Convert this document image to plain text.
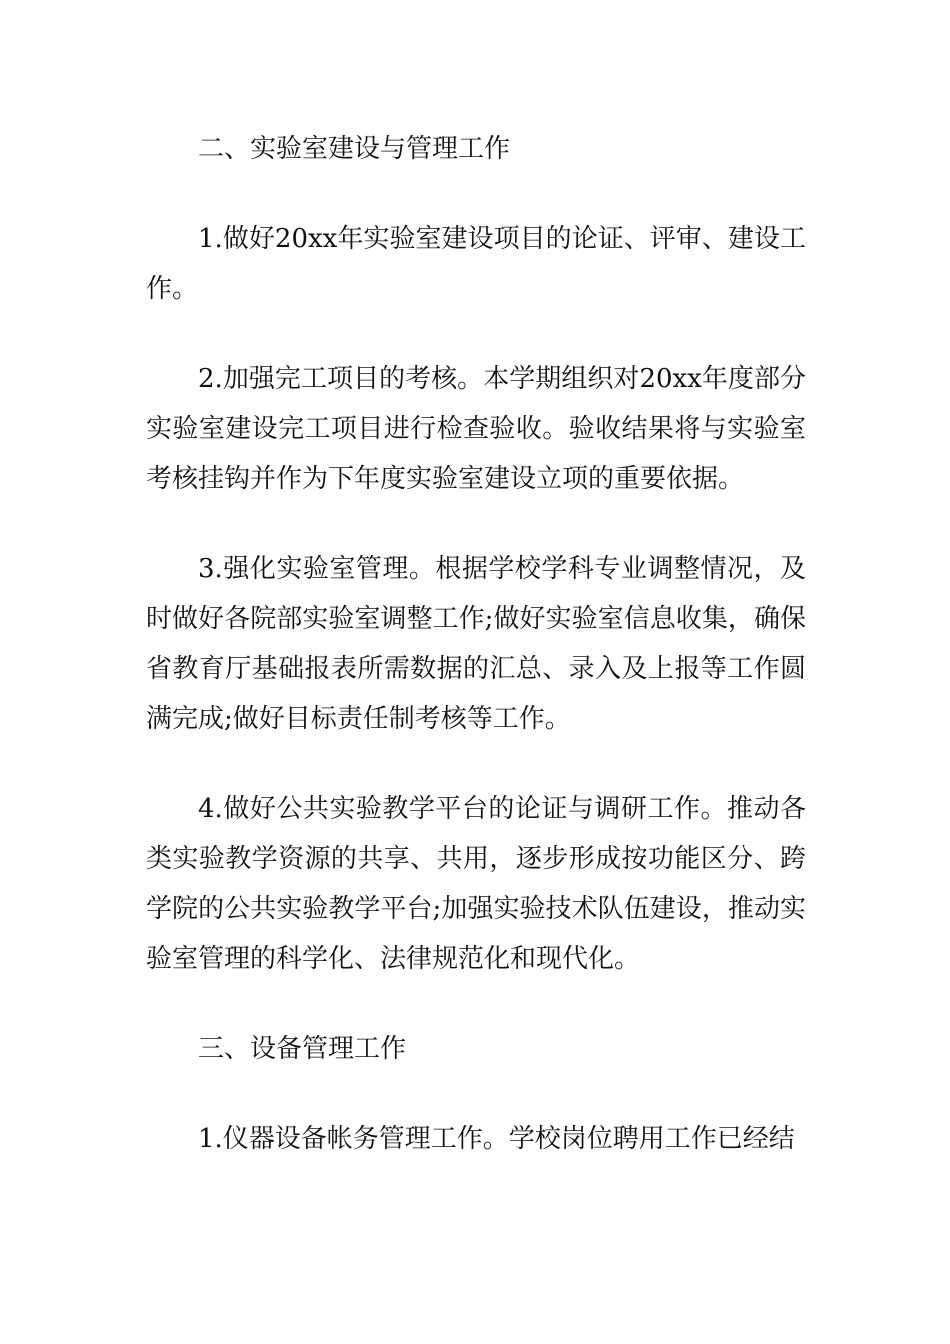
二、实验室建设与管理工作

1.做好20xx年实验室建设项目的论证、评审、建设工作。

2.加强完工项目的考核。本学期组织对20xx年度部分实验室建设完工项目进行检查验收。验收结果将与实验室考核挂钩并作为下年度实验室建设立项的重要依据。

3.强化实验室管理。根据学校学科专业调整情况，及时做好各院部实验室调整工作;做好实验室信息收集，确保省教育厅基础报表所需数据的汇总、录入及上报等工作圆满完成;做好目标责任制考核等工作。

4.做好公共实验教学平台的论证与调研工作。推动各类实验教学资源的共享、共用，逐步形成按功能区分、跨学院的公共实验教学平台;加强实验技术队伍建设，推动实验室管理的科学化、法律规范化和现代化。

三、设备管理工作

1.仪器设备帐务管理工作。学校岗位聘用工作已经结
